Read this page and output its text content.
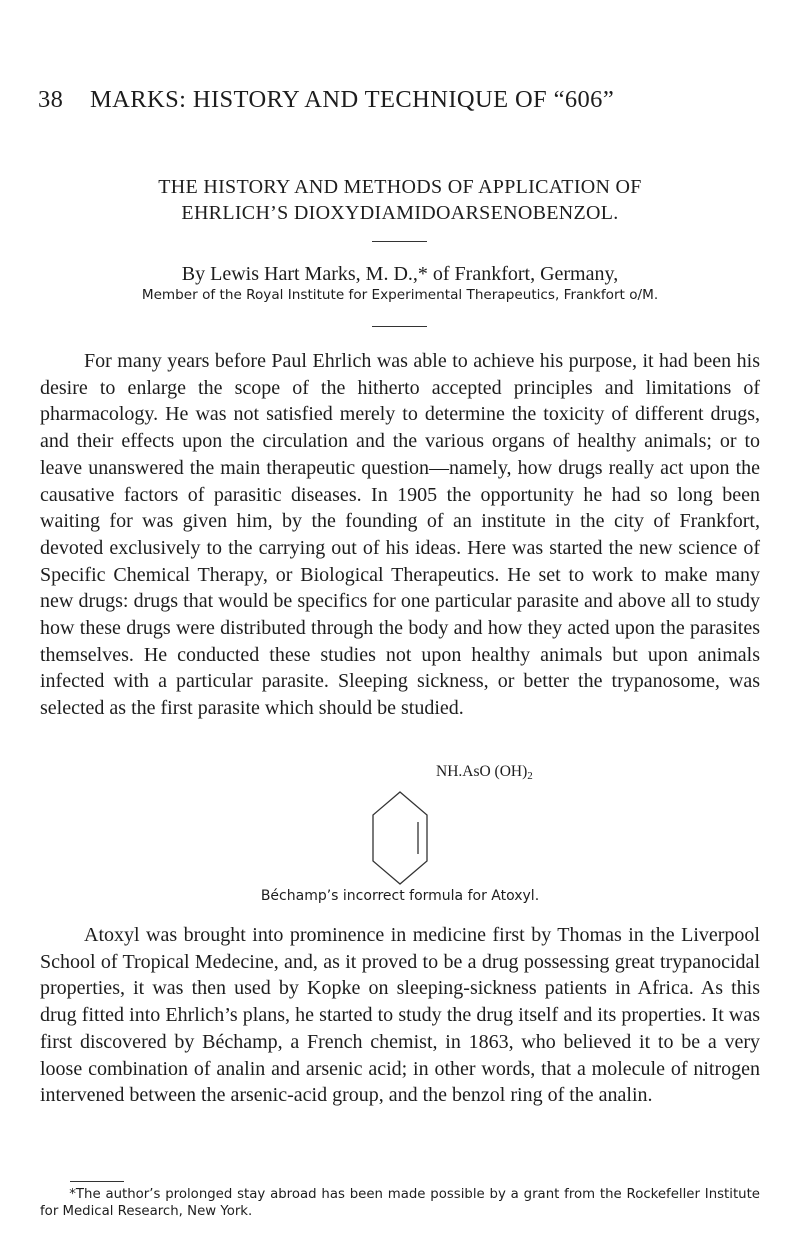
38 MARKS: HISTORY AND TECHNIQUE OF “606”
THE HISTORY AND METHODS OF APPLICATION OF
EHRLICH’S DIOXYDIAMIDOARSENOBENZOL.
By Lewis Hart Marks, M. D.,* of Frankfort, Germany,
Member of the Royal Institute for Experimental Therapeutics, Frankfort o/M.

For many years before Paul Ehrlich was able to achieve his purpose, it had been his desire to enlarge the scope of the hitherto accepted principles and limitations of pharmacology. He was not satisfied merely to determine the toxicity of different drugs, and their effects upon the circulation and the various organs of healthy animals; or to leave unanswered the main therapeutic question—namely, how drugs really act upon the causative factors of parasitic diseases. In 1905 the opportunity he had so long been waiting for was given him, by the founding of an institute in the city of Frankfort, devoted exclusively to the carrying out of his ideas. Here was started the new science of Specific Chemical Therapy, or Biological Therapeutics. He set to work to make many new drugs: drugs that would be specifics for one particular parasite and above all to study how these drugs were distributed through the body and how they acted upon the parasites themselves. He conducted these studies not upon healthy animals but upon animals infected with a particular parasite. Sleeping sickness, or better the trypanosome, was selected as the first parasite which should be studied.

NH.AsO $(OH)_2$
Béchamp’s incorrect formula for Atoxyl.

Atoxyl was brought into prominence in medicine first by Thomas in the Liverpool School of Tropical Medecine, and, as it proved to be a drug possessing great trypanocidal properties, it was then used by Kopke on sleeping-sickness patients in Africa. As this drug fitted into Ehrlich’s plans, he started to study the drug itself and its properties. It was first discovered by Béchamp, a French chemist, in 1863, who believed it to be a very loose combination of analin and arsenic acid; in other words, that a molecule of nitrogen intervened between the arsenic-acid group, and the benzol ring of the analin.

*The author’s prolonged stay abroad has been made possible by a grant from the Rockefeller Institute for Medical Research, New York.
